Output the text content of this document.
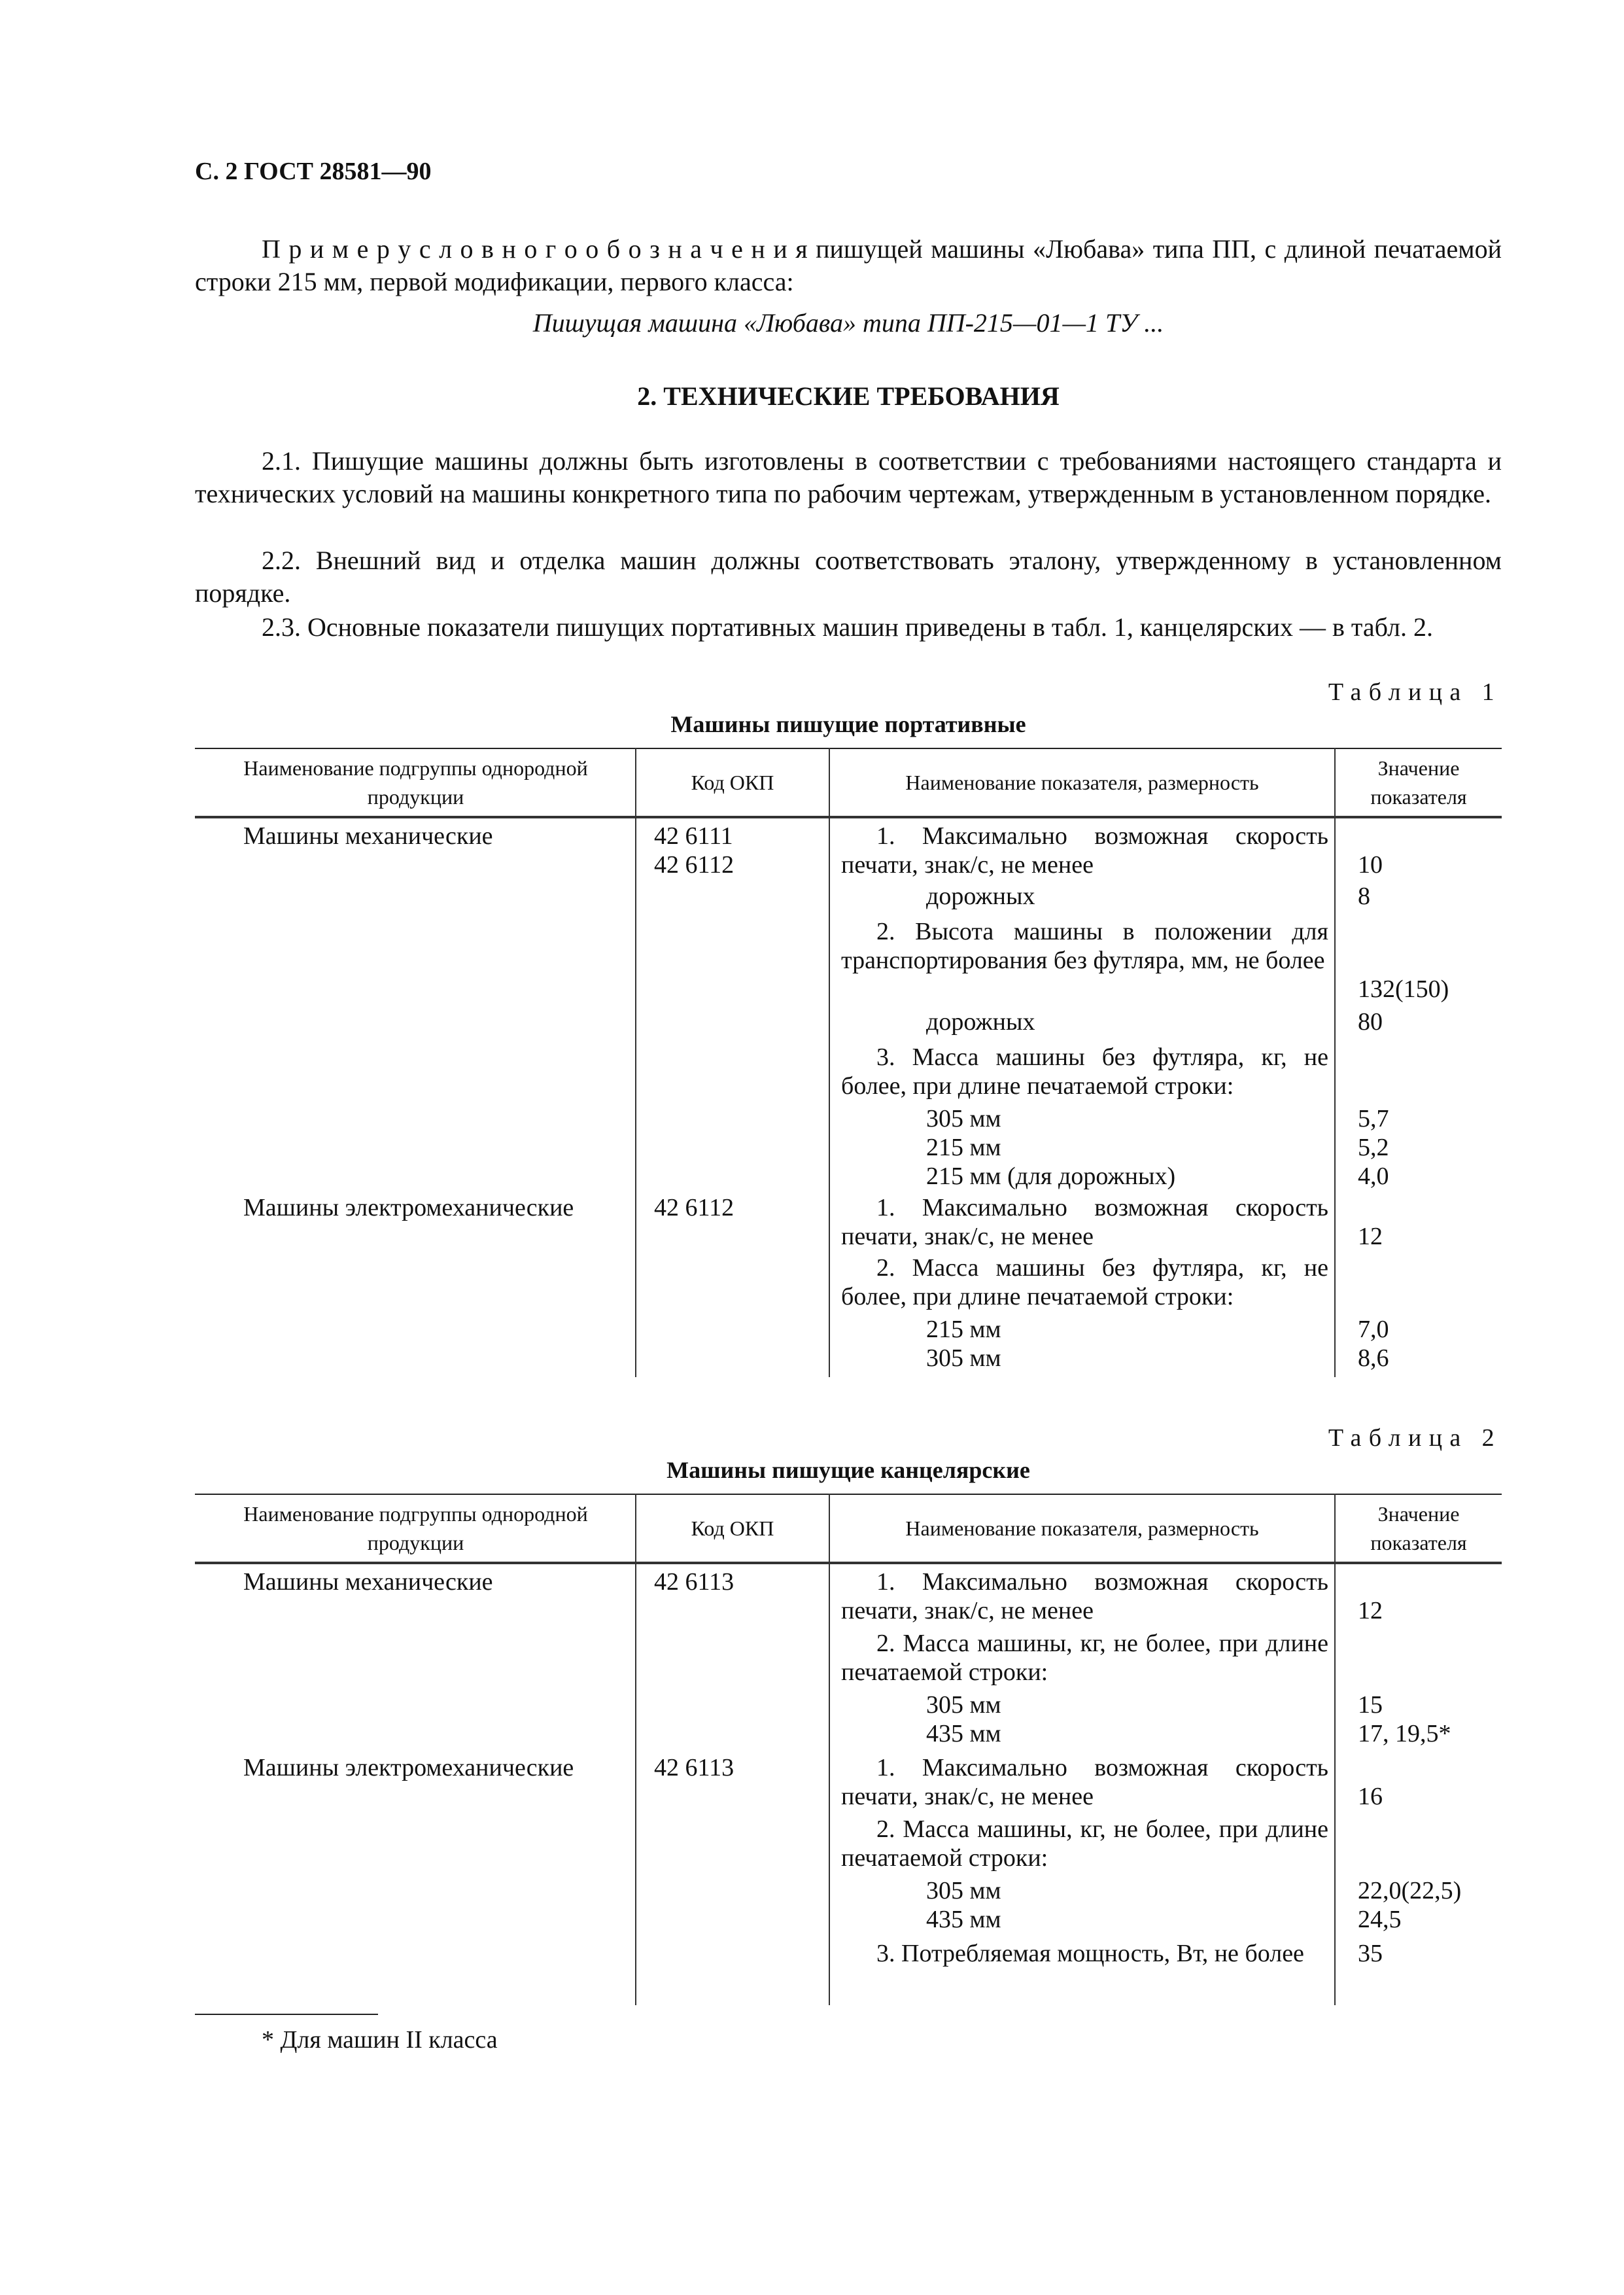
С. 2 ГОСТ 28581—90
П р и м е р у с л о в н о г о о б о з н а ч е н и я пишущей машины «Любава» типа ПП, с длиной печатаемой строки 215 мм, первой модификации, первого класса:
Пишущая машина «Любава» типа ПП-215—01—1 ТУ ...
2. ТЕХНИЧЕСКИЕ ТРЕБОВАНИЯ
2.1. Пишущие машины должны быть изготовлены в соответствии с требованиями настоящего стандарта и технических условий на машины конкретного типа по рабочим чертежам, утвержденным в установленном порядке.
2.2. Внешний вид и отделка машин должны соответствовать эталону, утвержденному в установленном порядке.
2.3. Основные показатели пишущих портативных машин приведены в табл. 1, канцелярских — в табл. 2.
Таблица 1
Машины пишущие портативные
Наименование подгруппы однородной продукции
Код ОКП	Наименование показателя, размерность
Значение показателя
Машины механические
Машины электромеханические
42 6111
42 6112
42 6112
1. Максимально возможная скорость печати, знак/с, не менее
дорожных
2. Высота машины в положении для транспортирования без футляра, мм, не более
дорожных
3. Масса машины без футляра, кг, не более, при длине печатаемой строки:
305 мм
215 мм
215 мм (для дорожных)
1. Максимально возможная скорость печати, знак/с, не менее
2. Масса машины без футляра, кг, не более, при длине печатаемой строки:
215 мм
305 мм
10
8
132(150)
80
5,7
5,2
4,0
12
7,0
8,6
Таблица 2
Машины пишущие канцелярские
Наименование подгруппы однородной продукции
Код ОКП	Наименование показателя, размерность
Значение показателя
Машины механические
Машины электромеханические
42 6113
42 6113
1. Максимально возможная скорость печати, знак/с, не менее
2. Масса машины, кг, не более, при длине печатаемой строки:
305 мм
435 мм
1. Максимально возможная скорость печати, знак/с, не менее
2. Масса машины, кг, не более, при длине печатаемой строки:
305 мм
435 мм
3. Потребляемая мощность, Вт, не более
12
15
17, 19,5*
16
22,0(22,5)
24,5
35
* Для машин II класса
